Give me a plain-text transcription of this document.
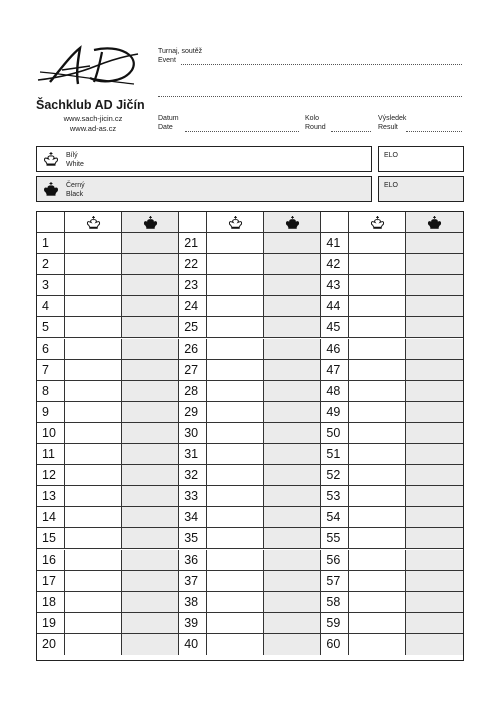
Šachklub AD Jičín
www.sach-jicin.cz
www.ad-as.cz
Turnaj, soutěž
Event
Datum
Date
Kolo
Round
Výsledek
Result
Bílý
White
ELO
Černý
Black
ELO
1
2
3
4
5
6
7
8
9
10
11
12
13
14
15
16
17
18
19
20
21
22
23
24
25
26
27
28
29
30
31
32
33
34
35
36
37
38
39
40
41
42
43
44
45
46
47
48
49
50
51
52
53
54
55
56
57
58
59
60
